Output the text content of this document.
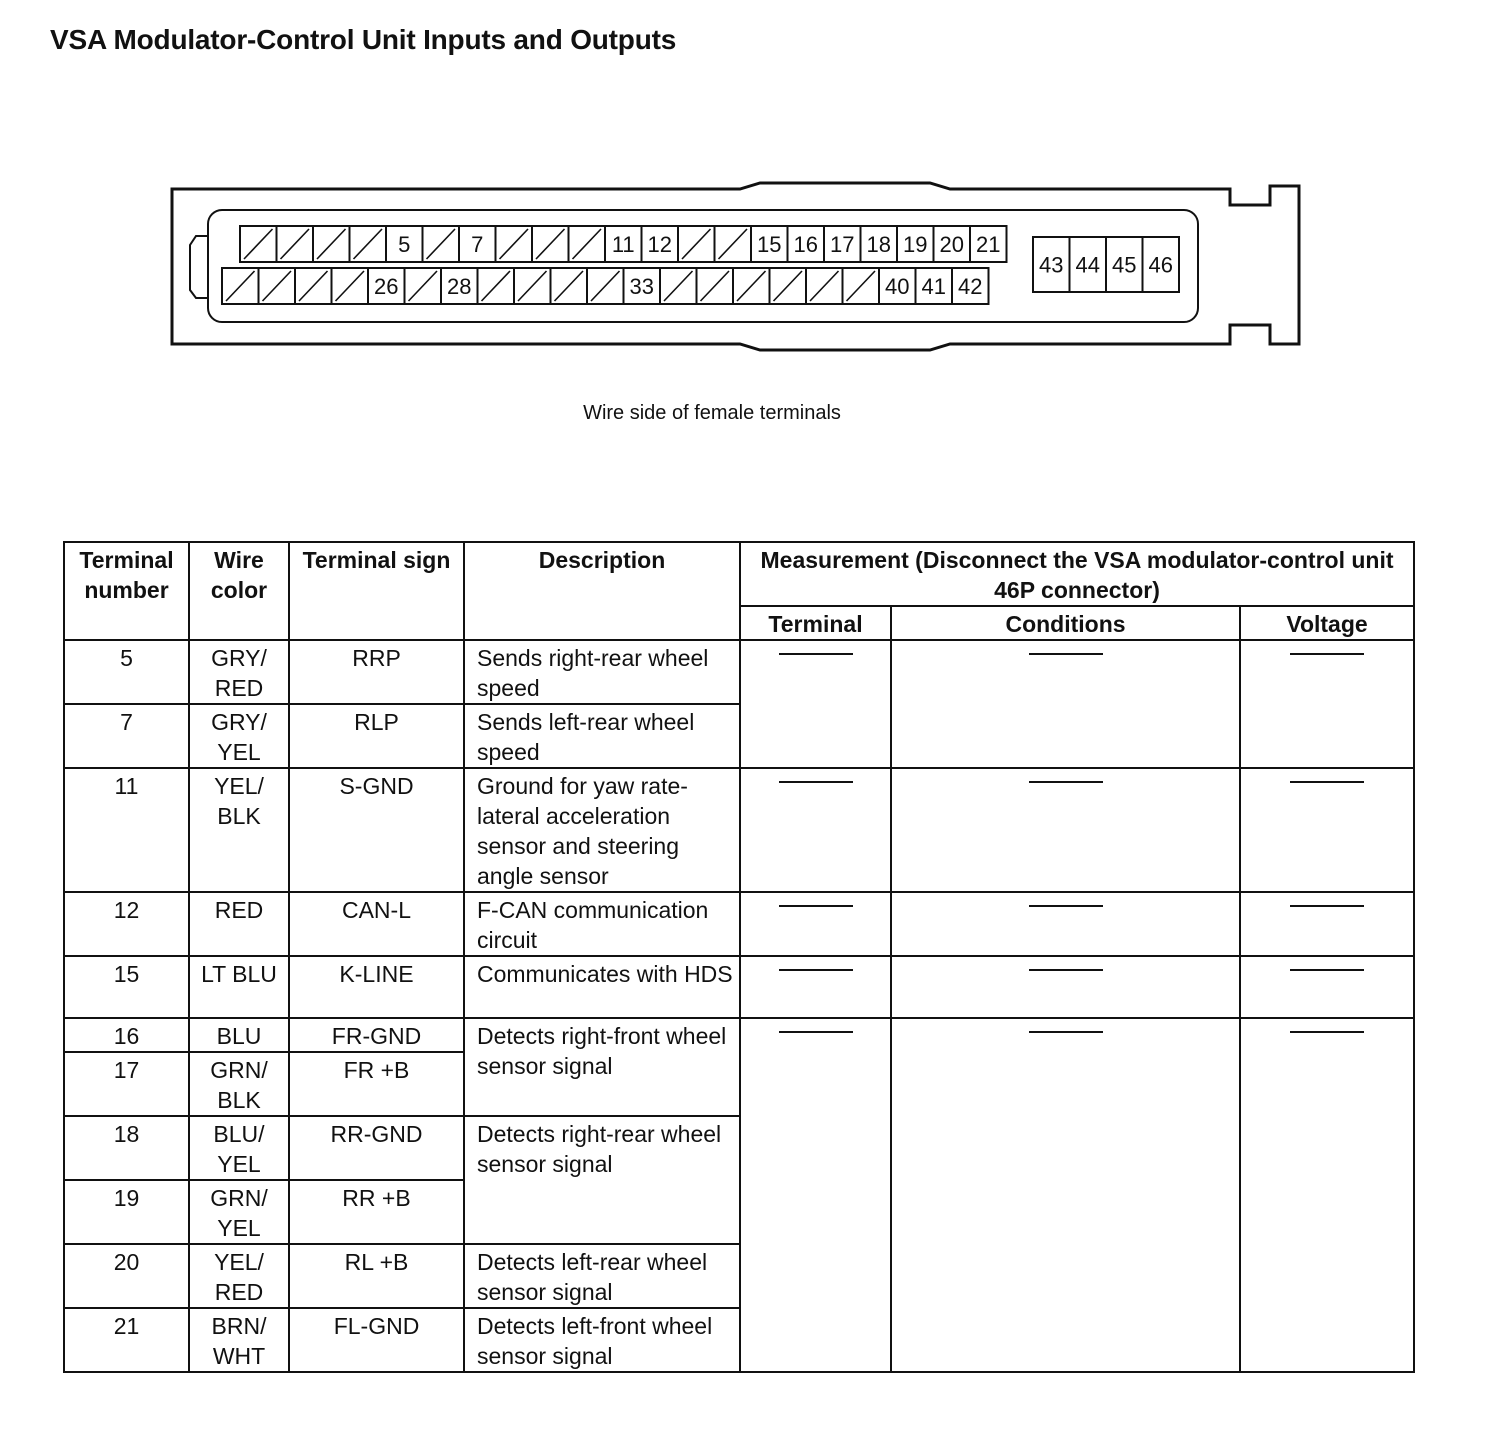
VSA Modulator-Control Unit Inputs and Outputs
5	7	11 12	15 16 17 18 19 20 21
26 28	33	40 41 42
43 44 45 46
Wire side of female terminals
Terminal number	Wire color	Terminal sign	Description	Measurement (Disconnect the VSA modulator-control unit 46P connector)		
				Terminal	Conditions	Voltage
5	GRY/ RED	RRP	Sends right-rear wheel speed	

7	GRY/ YEL	RLP	Sends left-rear wheel speed			
11	YEL/ BLK	S-GND	Ground for yaw rate-lateral acceleration sensor and steering angle sensor	

12	RED	CAN-L	F-CAN communication circuit	

15	LT BLU	K-LINE	Communicates with HDS	

16	BLU	FR-GND	Detects right-front wheel sensor signal	

17	GRN/ BLK	FR +B				
18	BLU/ YEL	RR-GND	Detects right-rear wheel sensor signal			
19	GRN/ YEL	RR +B				
20	YEL/ RED	RL +B	Detects left-rear wheel sensor signal			
21	BRN/ WHT	FL-GND	Detects left-front wheel sensor signal			
